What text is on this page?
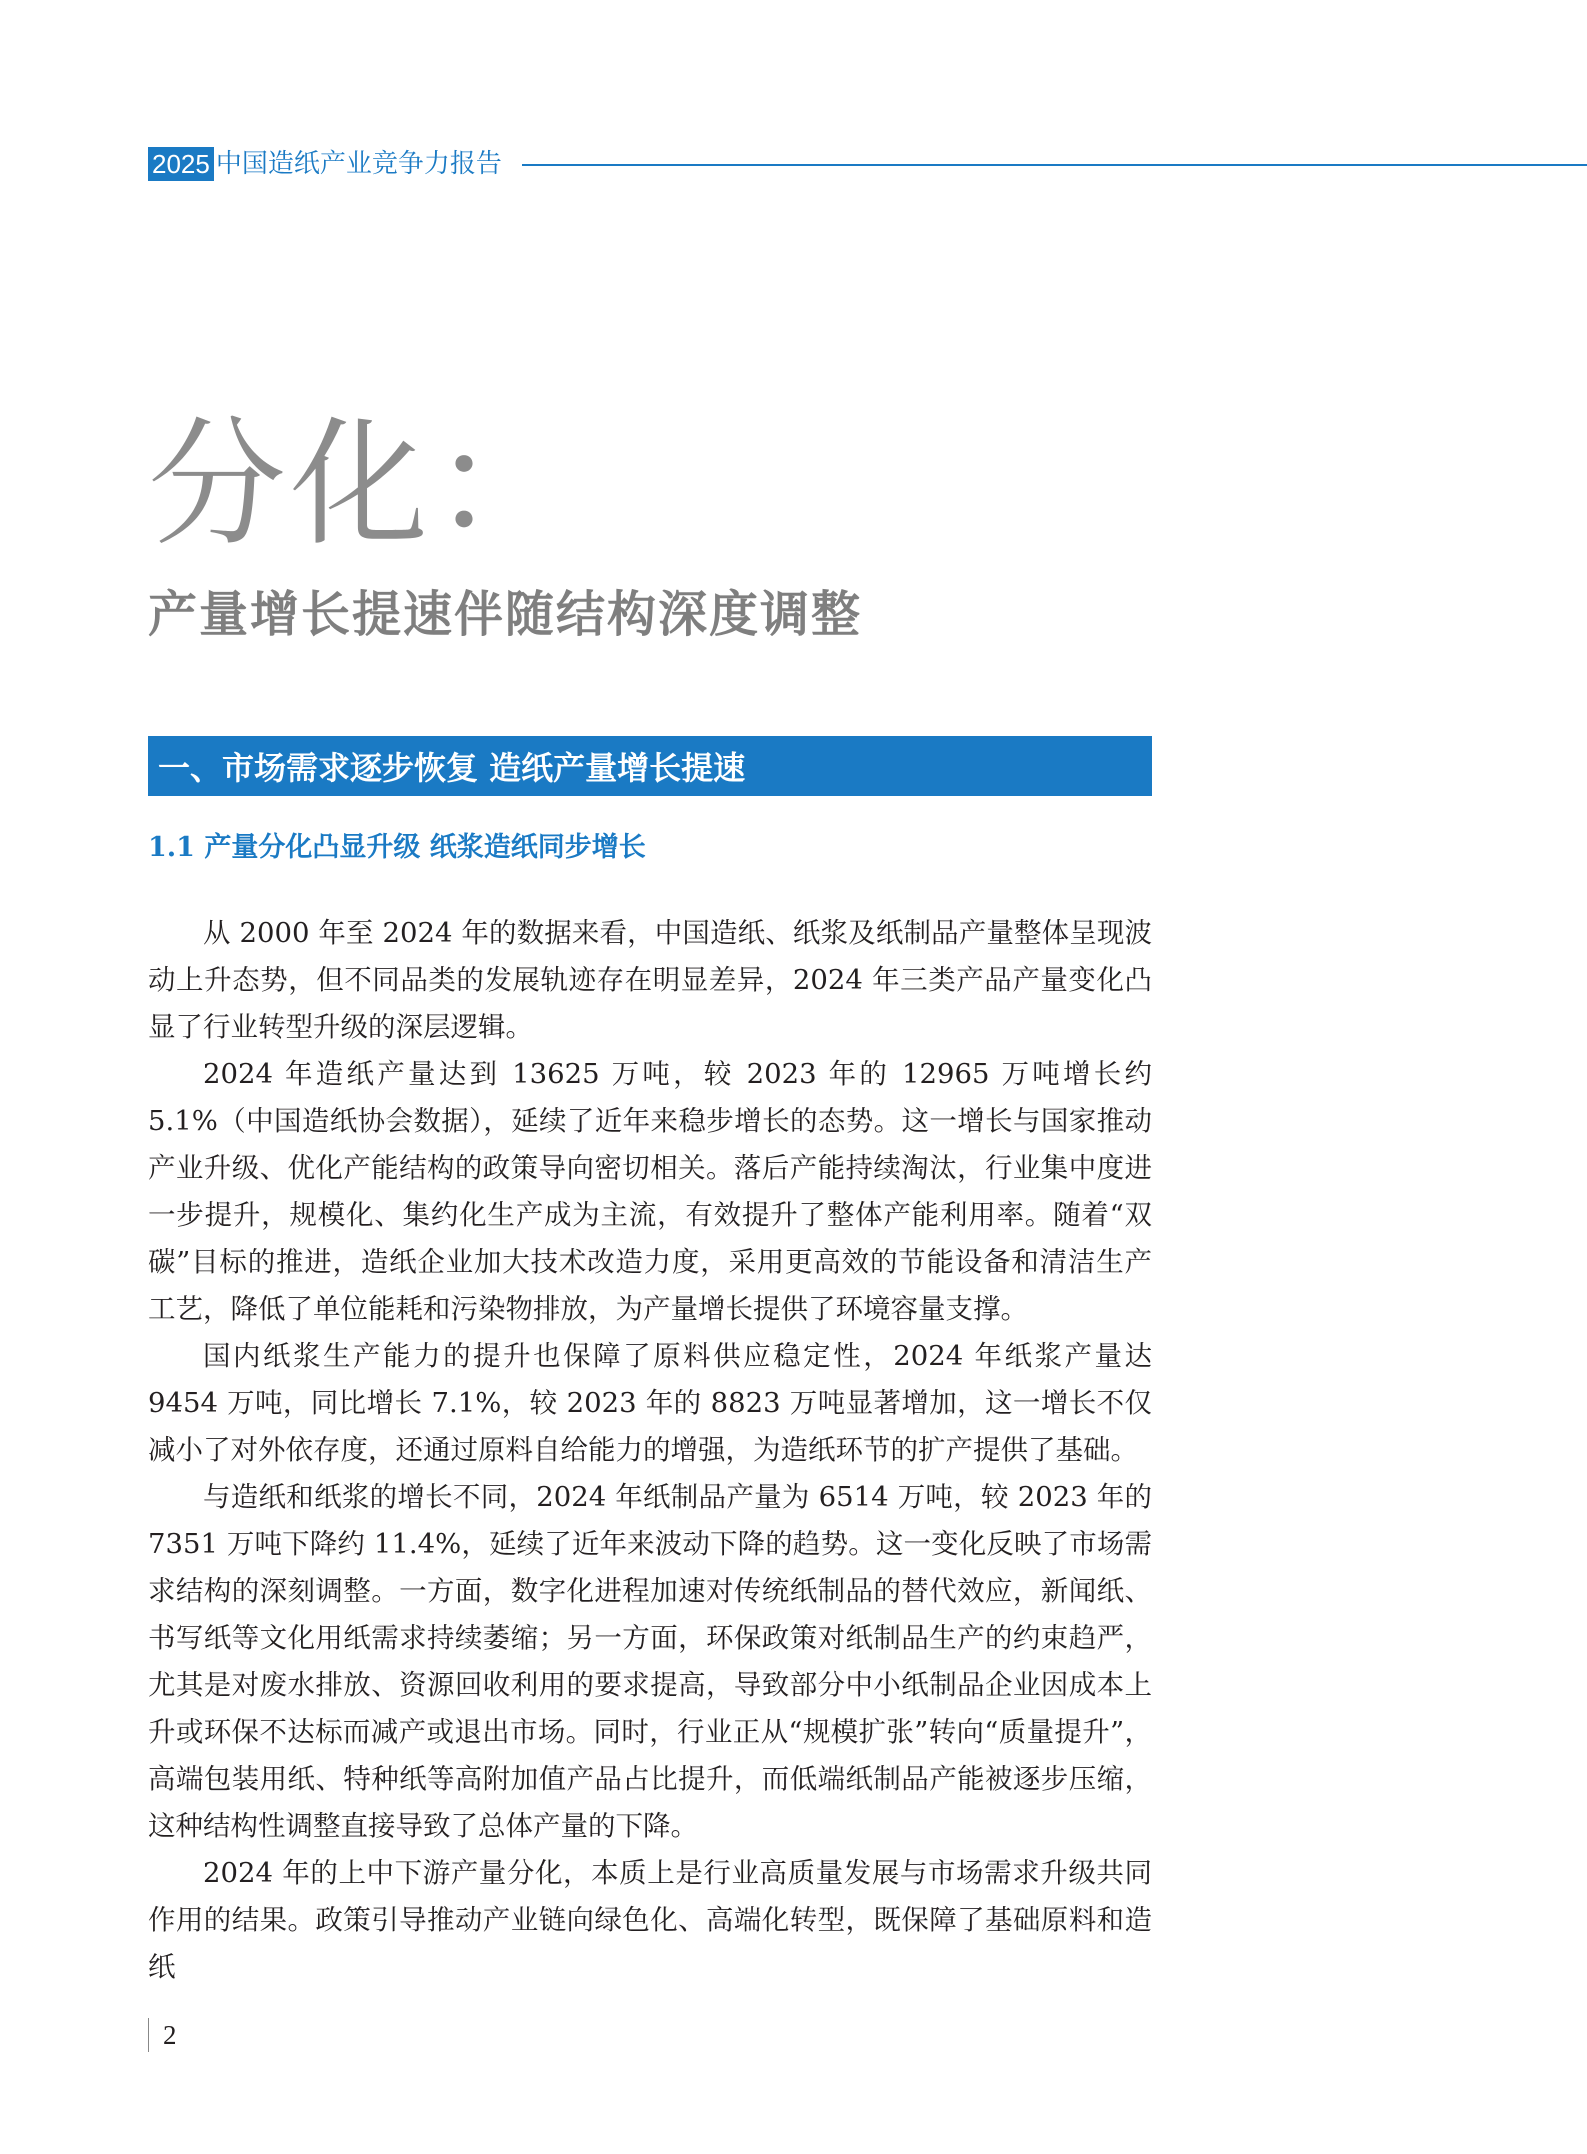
2025 中国造纸产业竞争力报告
分化：
产量增长提速伴随结构深度调整
一、市场需求逐步恢复 造纸产量增长提速
1.1 产量分化凸显升级 纸浆造纸同步增长

从 2000 年至 2024 年的数据来看，中国造纸、纸浆及纸制品产量整体呈现波动上升态势，但不同品类的发展轨迹存在明显差异，2024 年三类产品产量变化凸显了行业转型升级的深层逻辑。

2024 年造纸产量达到 13625 万吨，较 2023 年的 12965 万吨增长约 5.1%（中国造纸协会数据），延续了近年来稳步增长的态势。这一增长与国家推动产业升级、优化产能结构的政策导向密切相关。落后产能持续淘汰，行业集中度进一步提升，规模化、集约化生产成为主流，有效提升了整体产能利用率。随着“双碳”目标的推进，造纸企业加大技术改造力度，采用更高效的节能设备和清洁生产工艺，降低了单位能耗和污染物排放，为产量增长提供了环境容量支撑。

国内纸浆生产能力的提升也保障了原料供应稳定性，2024 年纸浆产量达 9454 万吨，同比增长 7.1%，较 2023 年的 8823 万吨显著增加，这一增长不仅减小了对外依存度，还通过原料自给能力的增强，为造纸环节的扩产提供了基础。

与造纸和纸浆的增长不同，2024 年纸制品产量为 6514 万吨，较 2023 年的 7351 万吨下降约 11.4%，延续了近年来波动下降的趋势。这一变化反映了市场需求结构的深刻调整。一方面，数字化进程加速对传统纸制品的替代效应，新闻纸、书写纸等文化用纸需求持续萎缩；另一方面，环保政策对纸制品生产的约束趋严，尤其是对废水排放、资源回收利用的要求提高，导致部分中小纸制品企业因成本上升或环保不达标而减产或退出市场。同时，行业正从“规模扩张”转向“质量提升”，高端包装用纸、特种纸等高附加值产品占比提升，而低端纸制品产能被逐步压缩，这种结构性调整直接导致了总体产量的下降。

2024 年的上中下游产量分化，本质上是行业高质量发展与市场需求升级共同作用的结果。政策引导推动产业链向绿色化、高端化转型，既保障了基础原料和造纸

2
